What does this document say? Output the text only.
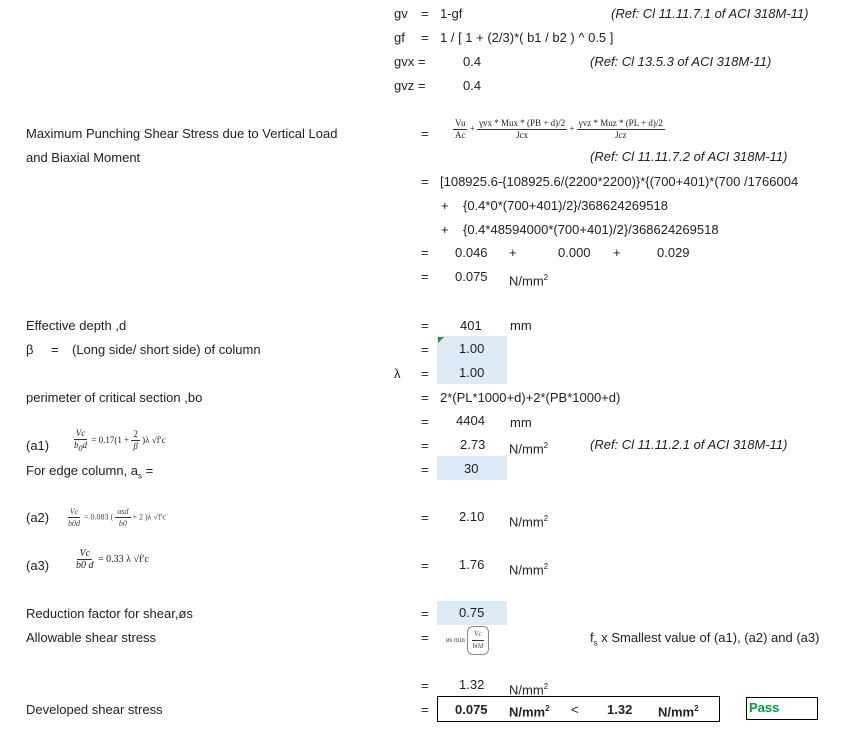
gv = 1-gf	(Ref: Cl 11.11.7.1 of ACI 318M-11)
gf = 1 / [ 1 + (2/3)*( b1 / b2 ) ^ 0.5 ]
gvx =	0.4	(Ref: Cl 13.5.3 of ACI 318M-11)
gvz =	0.4
Maximum Punching Shear Stress due to Vertical Load
and Biaxial Moment
=	$\frac{Vu}{Ac} + \frac{\text{γvx * Mux * (PB + d)/2}}{\text{Jcx}} + \frac{\text{γvz * Muz * (PL + d)/2}}{\text{Jcz}}$
(Ref: Cl 11.11.7.2 of ACI 318M-11)
= [108925.6-{108925.6/(2200*2200)}*{(700+401)*(700 /1766004
+ {0.4*0*(700+401)/2}/368624269518
+ {0.4*48594000*(700+401)/2}/368624269518
= 0.046 +	0.000 +	0.029
= 0.075 $N/mm^2$
Effective depth ,d	= 401 mm
β = (Long side/ short side) of column	= 1.00
λ = 1.00
perimeter of critical section ,bo	= 2*(PL*1000+d)+2*(PB*1000+d)
= 4404 mm
(a1)	$\frac{Vc}{b_0d} = 0.17(1 + \frac{2}{\beta} )\lambda$ √f′c	= 2.73 $N/mm^2$	(Ref: Cl 11.11.2.1 of ACI 318M-11)
For edge column, $a_s$ =	=	30
$(a2) \frac{Vc}{b0d} = 0.083$ ( $\frac{\text{αsd}}{b0} + 2$ )λ √f′c	= 2.10 $N/mm^2$
$(a3) \frac{Vc}{b0 d} = 0.33$ λ √f′c	= 1.76 $N/mm^2$
Reduction factor for shear,øs	= 0.75
Allowable shear stress	= øs $\min \frac{Vc}{b0d}$	$f_s$ x Smallest value of (a1), (a2) and (a3)
= 1.32 $N/mm^2$
Developed shear stress	= 0.075 $N/mm^2 < 1.32$ $N/mm^2$	Pass
